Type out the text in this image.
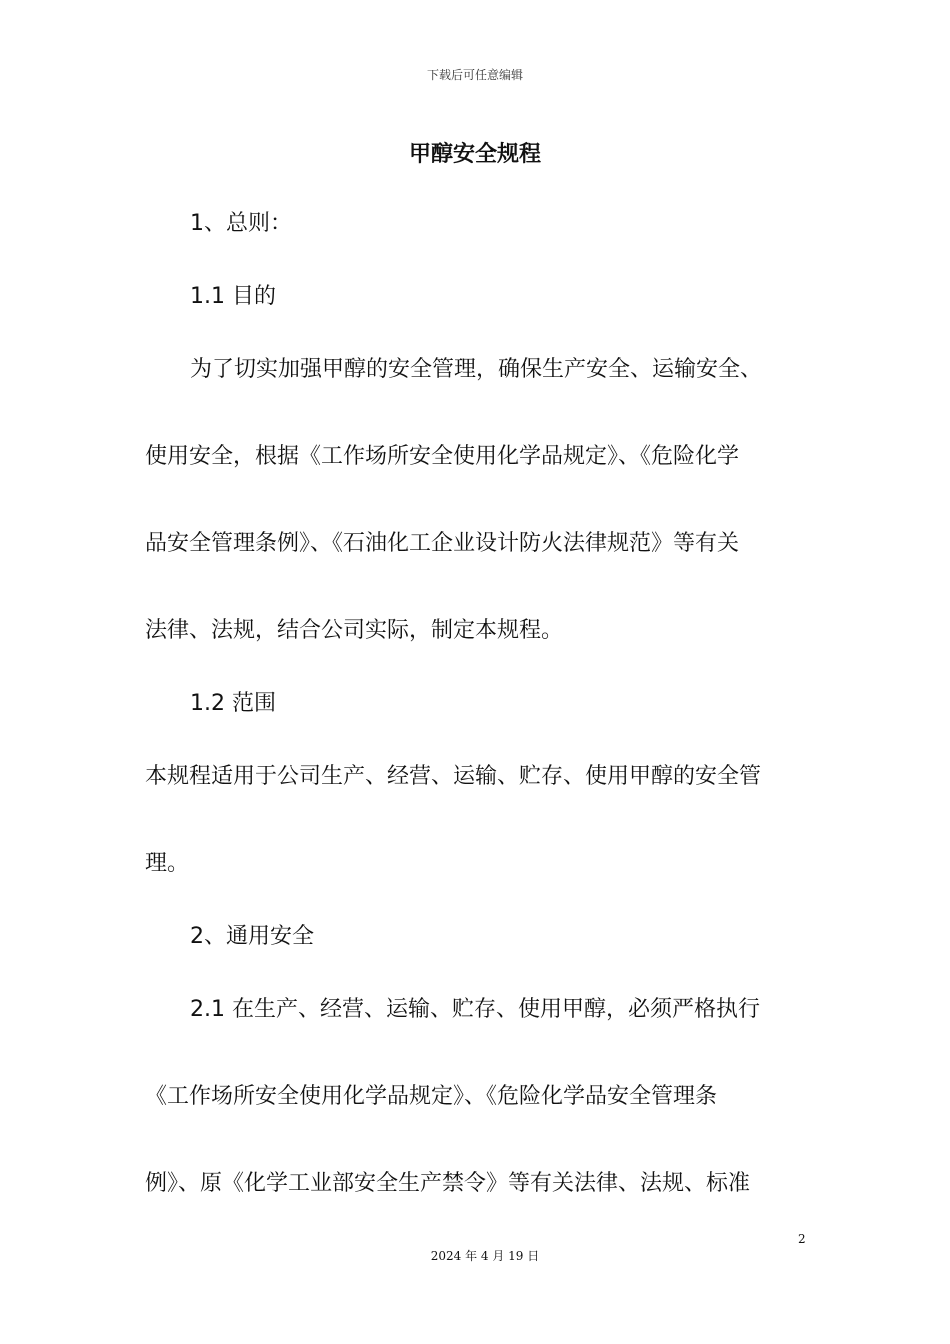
下载后可任意编辑
甲醇安全规程
1、总则：
1.1 目的
为了切实加强甲醇的安全管理，确保生产安全、运输安全、
使用安全，根据《工作场所安全使用化学品规定》、《危险化学
品安全管理条例》、《石油化工企业设计防火法律规范》等有关
法律、法规，结合公司实际，制定本规程。
1.2 范围
本规程适用于公司生产、经营、运输、贮存、使用甲醇的安全管
理。
2、通用安全
2.1 在生产、经营、运输、贮存、使用甲醇，必须严格执行
《工作场所安全使用化学品规定》、《危险化学品安全管理条
例》、原《化学工业部安全生产禁令》等有关法律、法规、标准
2
2024 年 4 月 19 日
